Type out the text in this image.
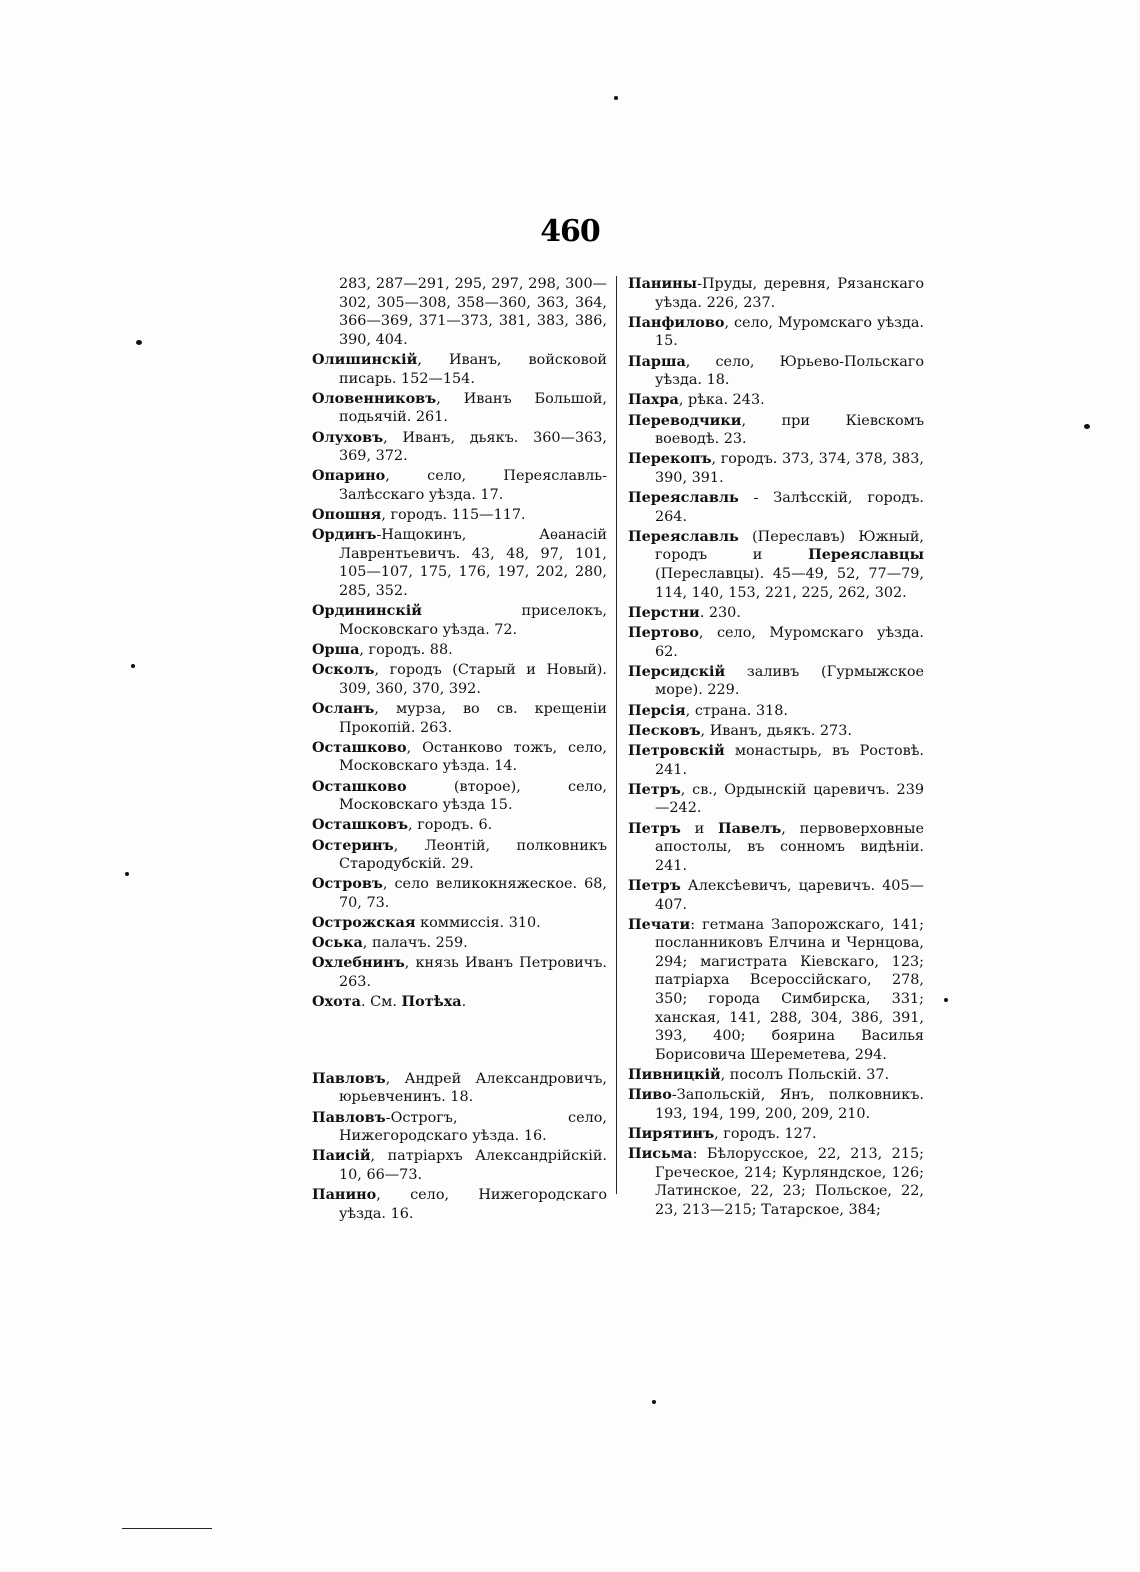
460

283, 287—291, 295, 297, 298, 300—302, 305—308, 358—360, 363, 364, 366—369, 371—373, 381, 383, 386, 390, 404.

Олишинскій, Иванъ, войсковой писарь. 152—154.

Оловенниковъ, Иванъ Большой, подьячій. 261.

Олуховъ, Иванъ, дьякъ. 360—363, 369, 372.

Опарино, село, Переяславль-Залѣсскаго уѣзда. 17.

Опошня, городъ. 115—117.

Ординъ-Нащокинъ, Аѳанасій Лаврентьевичъ. 43, 48, 97, 101, 105—107, 175, 176, 197, 202, 280, 285, 352.

Ордининскій приселокъ, Московскаго уѣзда. 72.

Орша, городъ. 88.

Осколъ, городъ (Старый и Новый). 309, 360, 370, 392.

Осланъ, мурза, во св. крещеніи Прокопій. 263.

Осташково, Останково тожъ, село, Московскаго уѣзда. 14.

Осташково (второе), село, Московскаго уѣзда 15.

Осташковъ, городъ. 6.

Остеринъ, Леонтій, полковникъ Стародубскій. 29.

Островъ, село великокняжеское. 68, 70, 73.

Острожская коммиссія. 310.

Оська, палачъ. 259.

Охлебнинъ, князь Иванъ Петровичъ. 263.

Охота. См. Потѣха.

Павловъ, Андрей Александровичъ, юрьевченинъ. 18.

Павловъ-Острогъ, село, Нижегородскаго уѣзда. 16.

Паисій, патріархъ Александрійскій. 10, 66—73.

Панино, село, Нижегородскаго уѣзда. 16.

Панины-Пруды, деревня, Рязанскаго уѣзда. 226, 237.

Панфилово, село, Муромскаго уѣзда. 15.

Парша, село, Юрьево-Польскаго уѣзда. 18.

Пахра, рѣка. 243.

Переводчики, при Кіевскомъ воеводѣ. 23.

Перекопъ, городъ. 373, 374, 378, 383, 390, 391.

Переяславль - Залѣсскій, городъ. 264.

Переяславль (Переславъ) Южный, городъ и Переяславцы (Переславцы). 45—49, 52, 77—79, 114, 140, 153, 221, 225, 262, 302.

Перстни. 230.

Пертово, село, Муромскаго уѣзда. 62.

Персидскій заливъ (Гурмыжское море). 229.

Персія, страна. 318.

Песковъ, Иванъ, дьякъ. 273.

Петровскій монастырь, въ Ростовѣ. 241.

Петръ, св., Ордынскій царевичъ. 239—242.

Петръ и Павелъ, первоверховные апостолы, въ сонномъ видѣніи. 241.

Петръ Алексѣевичъ, царевичъ. 405—407.

Печати: гетмана Запорожскаго, 141; посланниковъ Елчина и Чернцова, 294; магистрата Кіевскаго, 123; патріарха Всероссійскаго, 278, 350; города Симбирска, 331; ханская, 141, 288, 304, 386, 391, 393, 400; боярина Василья Борисовича Шереметева, 294.

Пивницкій, посолъ Польскій. 37.

Пиво-Запольскій, Янъ, полковникъ. 193, 194, 199, 200, 209, 210.

Пирятинъ, городъ. 127.

Письма: Бѣлорусское, 22, 213, 215; Греческое, 214; Курляндское, 126; Латинское, 22, 23; Польское, 22, 23, 213—215; Татарское, 384;
